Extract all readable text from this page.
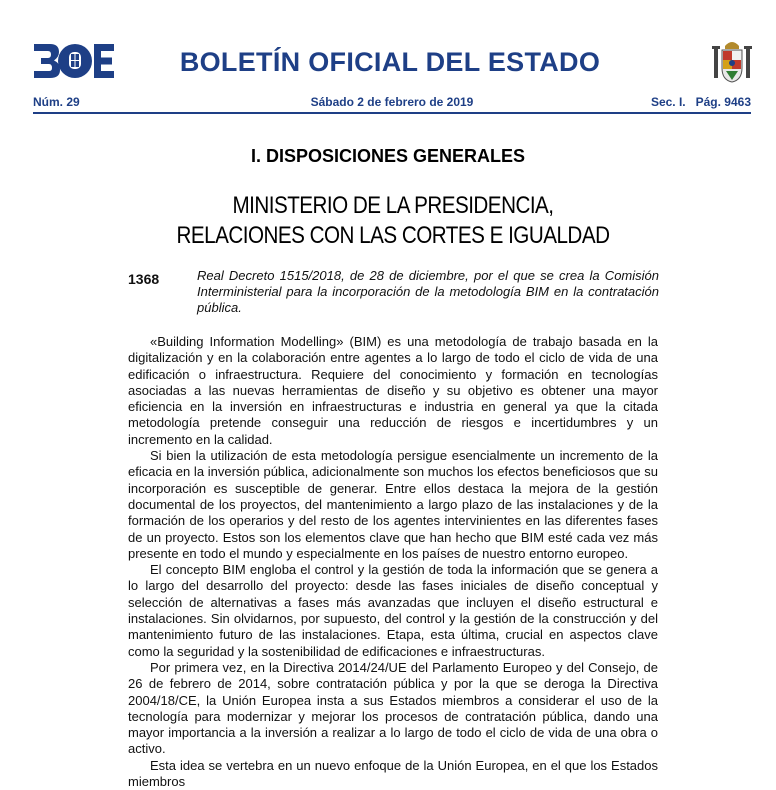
BOLETÍN OFICIAL DEL ESTADO
Núm. 29	Sábado 2 de febrero de 2019	Sec. I.   Pág. 9463
I. DISPOSICIONES GENERALES
MINISTERIO DE LA PRESIDENCIA,
RELACIONES CON LAS CORTES E IGUALDAD
1368	Real Decreto 1515/2018, de 28 de diciembre, por el que se crea la Comisión Interministerial para la incorporación de la metodología BIM en la contratación pública.

«Building Information Modelling» (BIM) es una metodología de trabajo basada en la digitalización y en la colaboración entre agentes a lo largo de todo el ciclo de vida de una edificación o infraestructura. Requiere del conocimiento y formación en tecnologías asociadas a las nuevas herramientas de diseño y su objetivo es obtener una mayor eficiencia en la inversión en infraestructuras e industria en general ya que la citada metodología pretende conseguir una reducción de riesgos e incertidumbres y un incremento en la calidad.

Si bien la utilización de esta metodología persigue esencialmente un incremento de la eficacia en la inversión pública, adicionalmente son muchos los efectos beneficiosos que su incorporación es susceptible de generar. Entre ellos destaca la mejora de la gestión documental de los proyectos, del mantenimiento a largo plazo de las instalaciones y de la formación de los operarios y del resto de los agentes intervinientes en las diferentes fases de un proyecto. Estos son los elementos clave que han hecho que BIM esté cada vez más presente en todo el mundo y especialmente en los países de nuestro entorno europeo.

El concepto BIM engloba el control y la gestión de toda la información que se genera a lo largo del desarrollo del proyecto: desde las fases iniciales de diseño conceptual y selección de alternativas a fases más avanzadas que incluyen el diseño estructural e instalaciones. Sin olvidarnos, por supuesto, del control y la gestión de la construcción y del mantenimiento futuro de las instalaciones. Etapa, esta última, crucial en aspectos clave como la seguridad y la sostenibilidad de edificaciones e infraestructuras.

Por primera vez, en la Directiva 2014/24/UE del Parlamento Europeo y del Consejo, de 26 de febrero de 2014, sobre contratación pública y por la que se deroga la Directiva 2004/18/CE, la Unión Europea insta a sus Estados miembros a considerar el uso de la tecnología para modernizar y mejorar los procesos de contratación pública, dando una mayor importancia a la inversión a realizar a lo largo de todo el ciclo de vida de una obra o activo.

Esta idea se vertebra en un nuevo enfoque de la Unión Europea, en el que los Estados miembros
